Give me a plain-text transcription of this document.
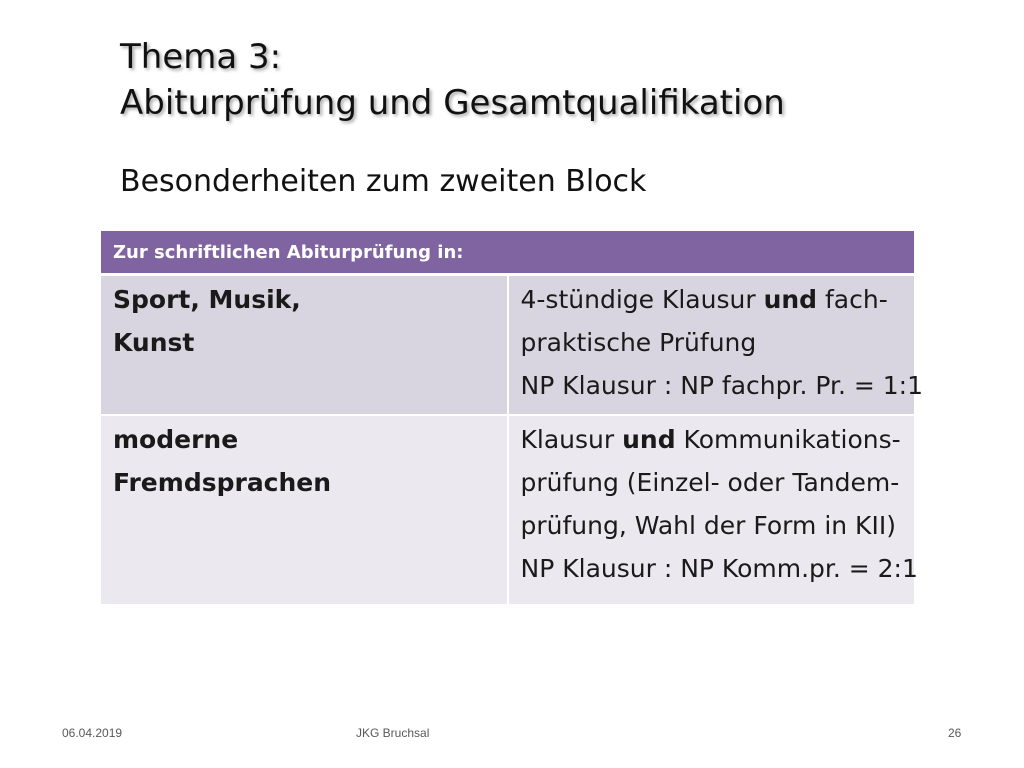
Thema 3:
Abiturprüfung und Gesamtqualifikation
Besonderheiten zum zweiten Block
Zur schriftlichen Abiturprüfung in:	

Sport, Musik,
Kunst	4-stündige Klausur und fach-
praktische Prüfung
NP Klausur : NP fachpr. Pr. = 1:1

moderne
Fremdsprachen	Klausur und Kommunikations-
prüfung (Einzel- oder Tandem-
prüfung, Wahl der Form in KII)
NP Klausur : NP Komm.pr. = 2:1
06.04.2019	JKG Bruchsal	26
